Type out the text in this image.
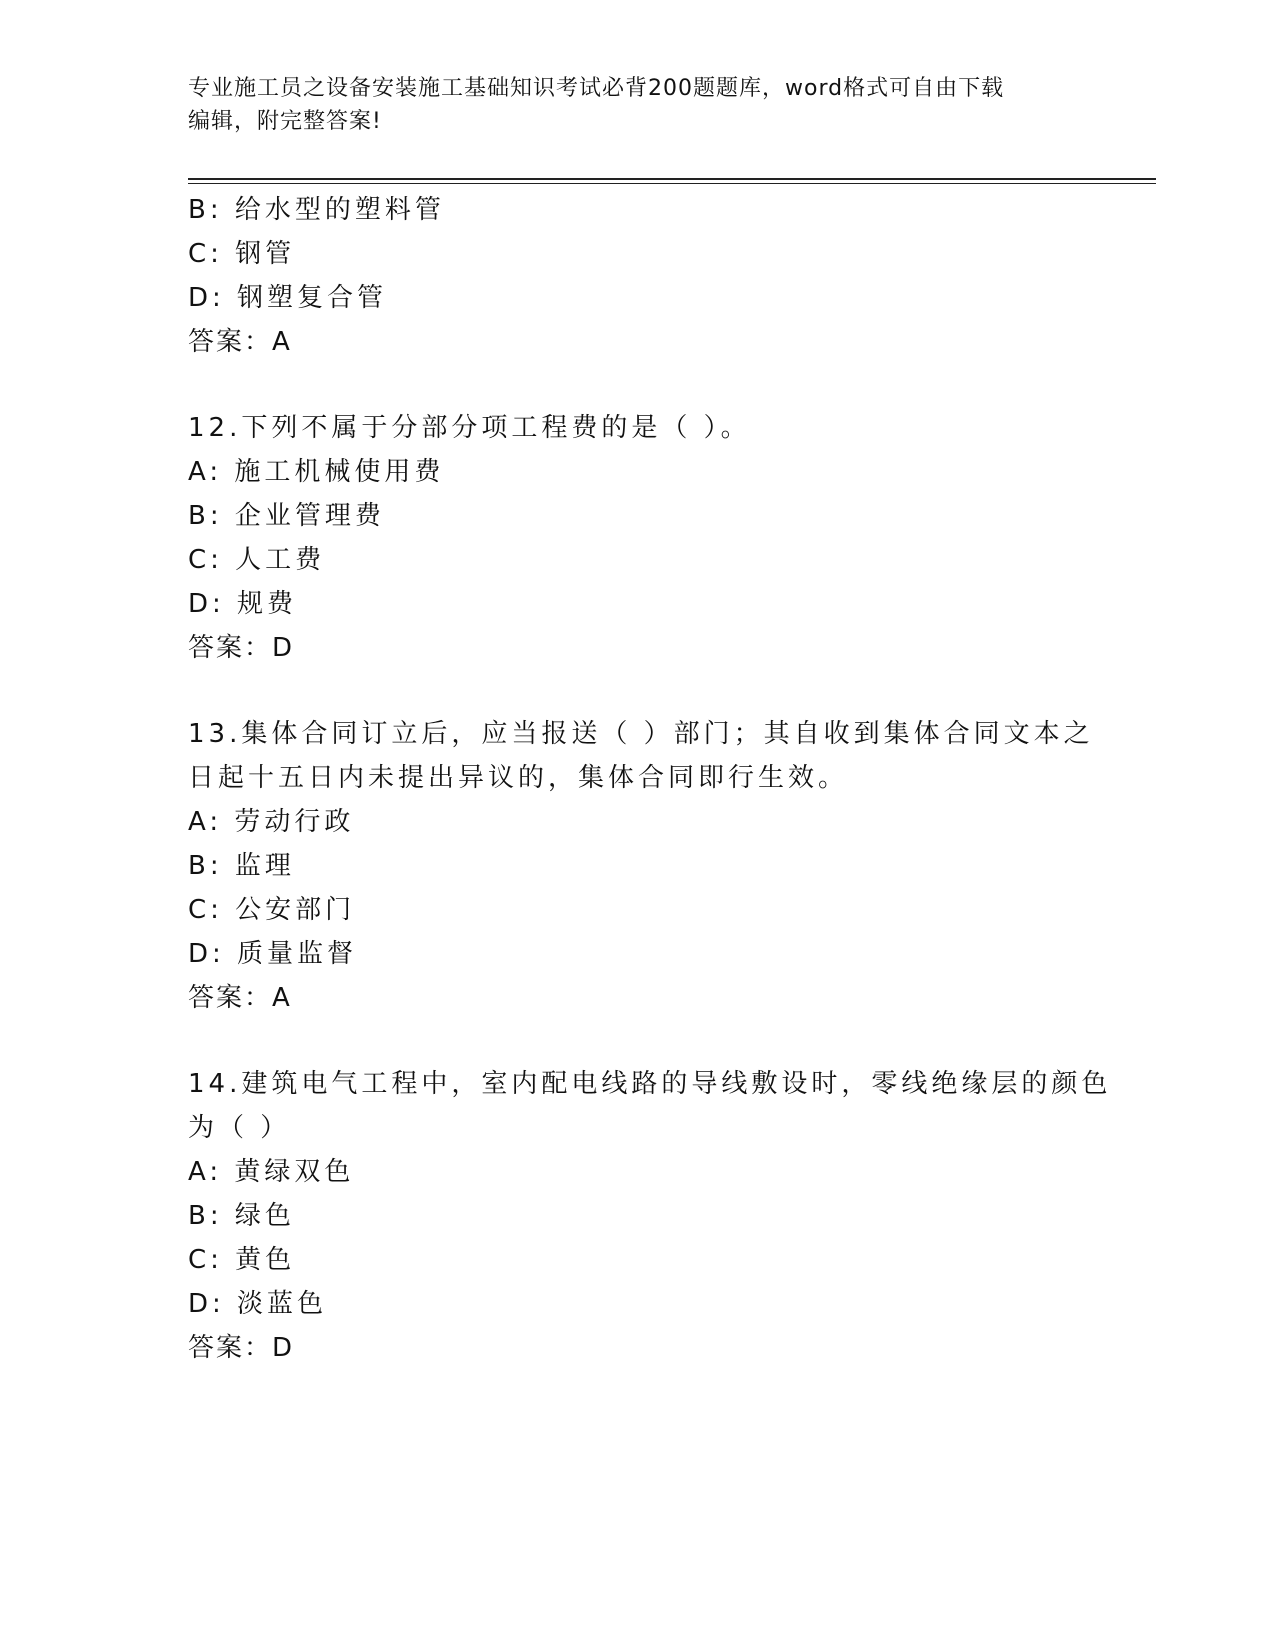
专业施工员之设备安装施工基础知识考试必背200题题库，word格式可自由下载
编辑，附完整答案!
B: 给水型的塑料管
C: 钢管
D: 钢塑复合管
答案：A
12.下列不属于分部分项工程费的是（ ）。
A: 施工机械使用费
B: 企业管理费
C: 人工费
D: 规费
答案：D
13.集体合同订立后，应当报送（ ）部门；其自收到集体合同文本之
日起十五日内未提出异议的，集体合同即行生效。
A: 劳动行政
B: 监理
C: 公安部门
D: 质量监督
答案：A
14.建筑电气工程中，室内配电线路的导线敷设时，零线绝缘层的颜色
为（ ）
A: 黄绿双色
B: 绿色
C: 黄色
D: 淡蓝色
答案：D
